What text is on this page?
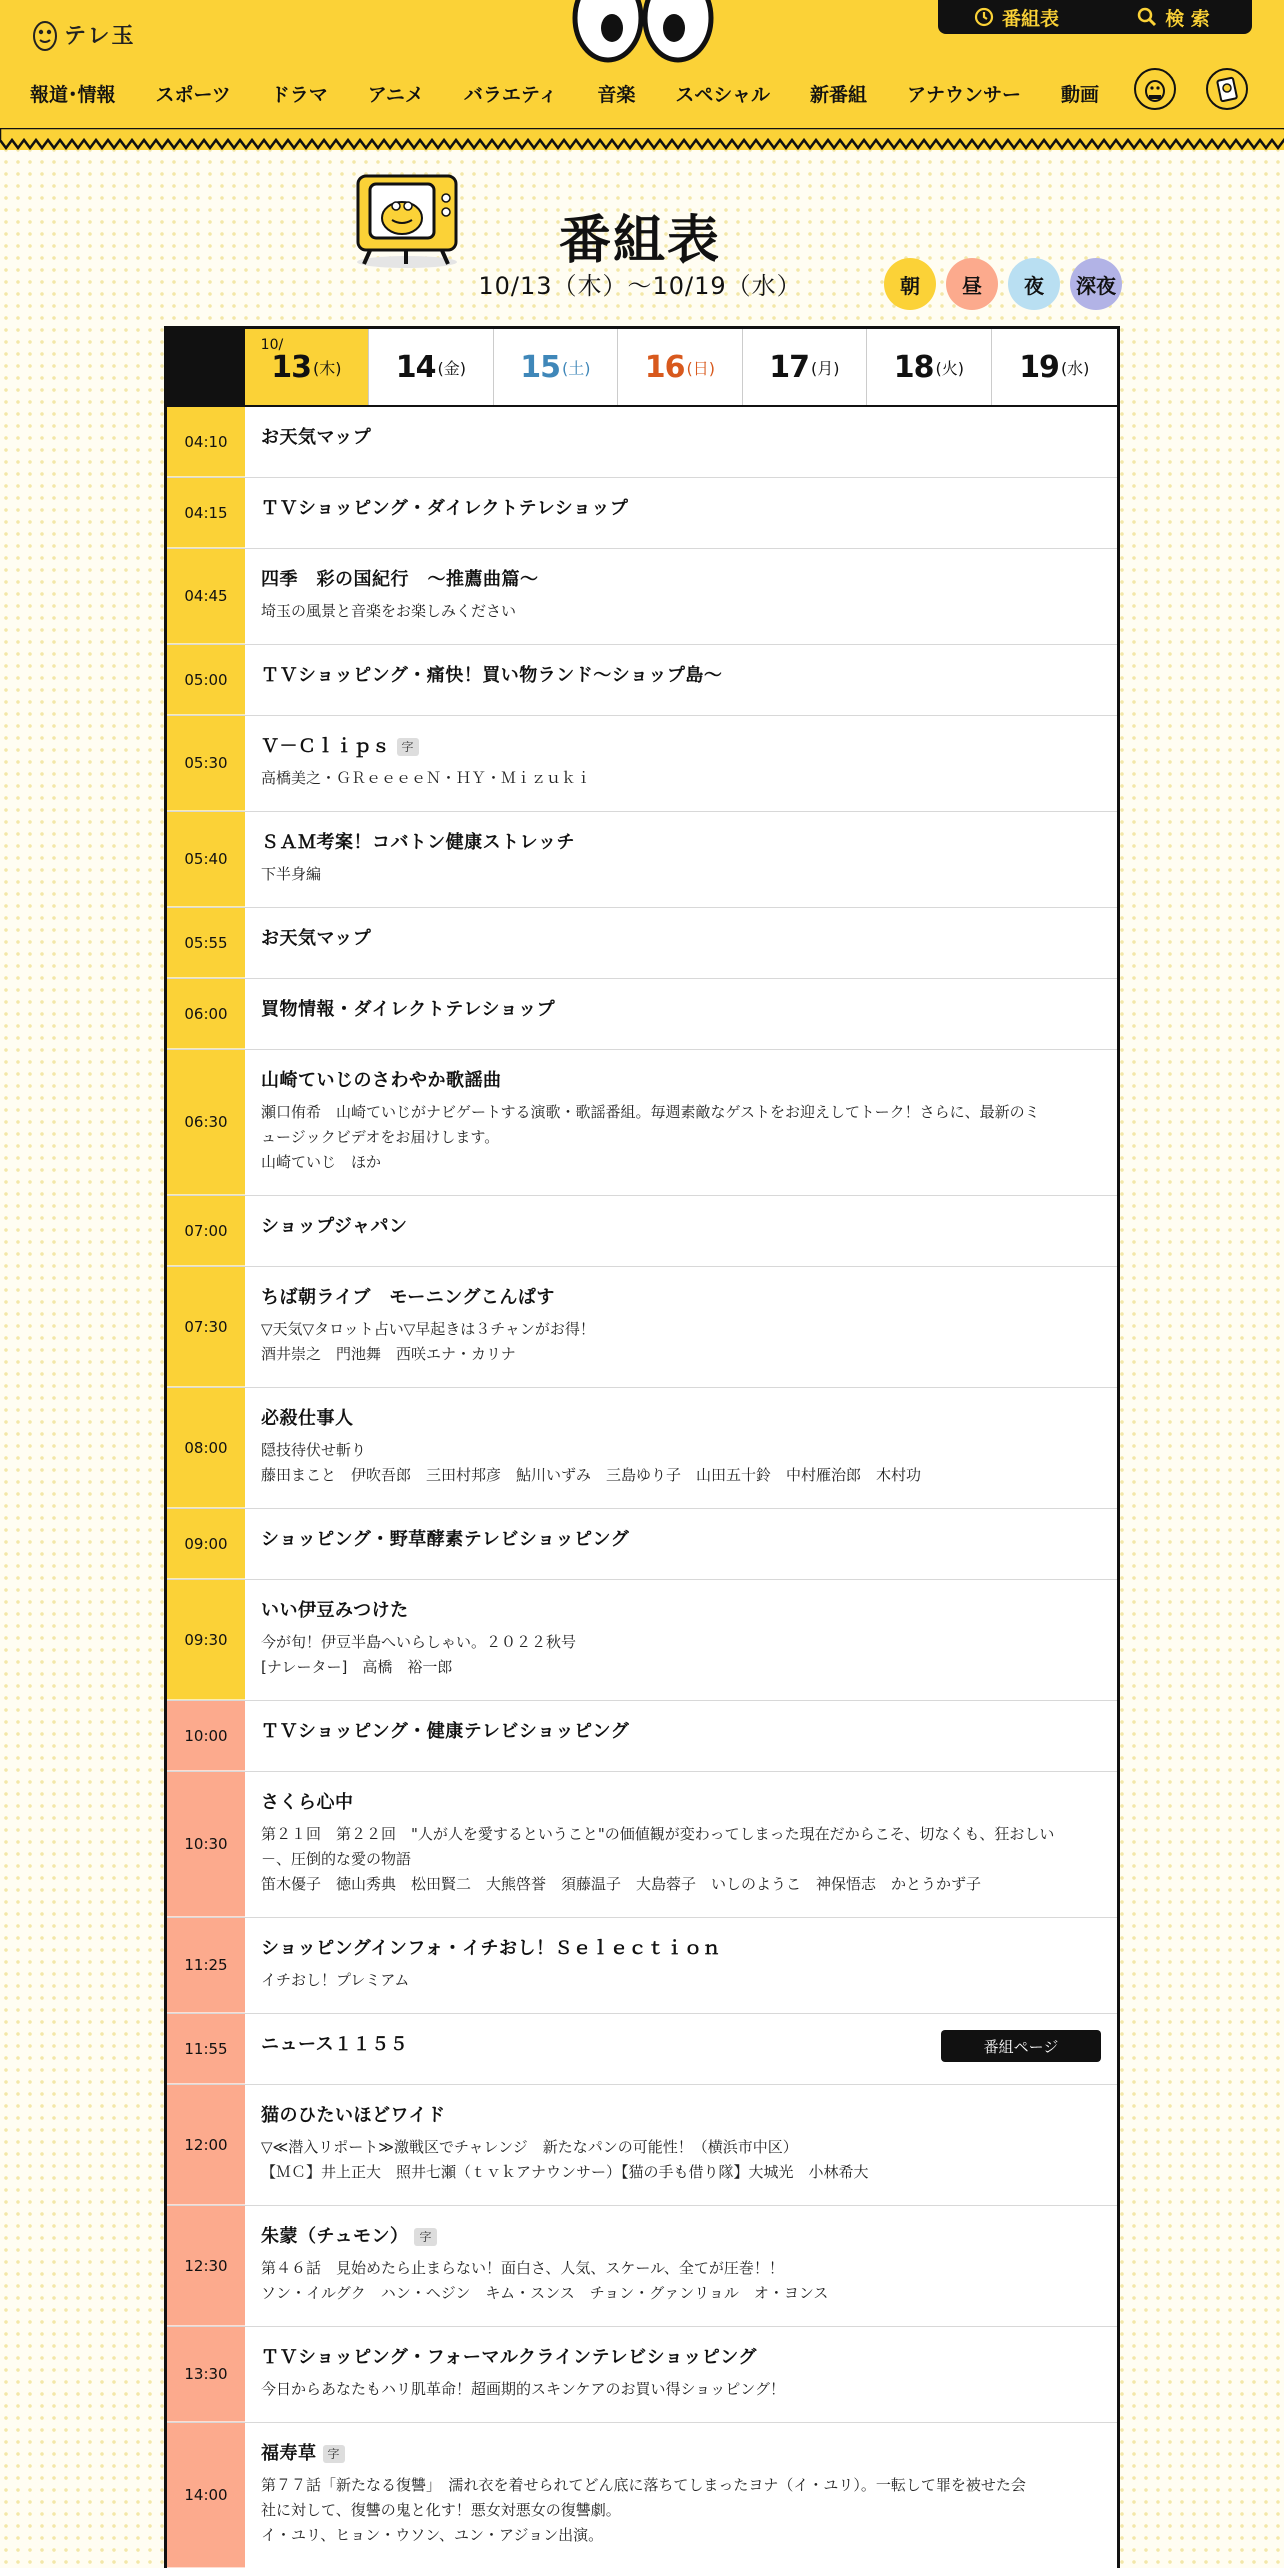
テレ玉
番組表	検 索
報道･情報 スポーツ ドラマ アニメ バラエティ 音楽 スペシャル 新番組 アナウンサー 動画
番組表
10/13（木）〜10/19（水）	朝	昼	夜	深夜
10/
13 (木) 14 (金) 15 (土) 16 (日) 17 (月) 18 (火) 19 (水)
04:10	お天気マップ
04:15	ＴＶショッピング・ダイレクトテレショップ
04:45
四季　彩の国紀行　～推薦曲篇～
埼玉の風景と音楽をお楽しみください
05:00	ＴＶショッピング・痛快！買い物ランド～ショップ島～
05:30
Ｖ－Ｃｌｉｐｓ 字
高橋美之・ＧＲｅｅｅｅＮ・ＨＹ・Ｍｉｚｕｋｉ
05:40
ＳＡＭ考案！コバトン健康ストレッチ
下半身編
05:55	お天気マップ
06:00	買物情報・ダイレクトテレショップ
06:30
山崎ていじのさわやか歌謡曲
瀬口侑希　山崎ていじがナビゲートする演歌・歌謡番組。毎週素敵なゲストをお迎えしてトーク！さらに、最新のミ
ュージックビデオをお届けします。
山崎ていじ　ほか
07:00	ショップジャパン
07:30
ちば朝ライブ　モーニングこんぱす
▽天気▽タロット占い▽早起きは３チャンがお得！
酒井崇之　門池舞　西咲エナ・カリナ
08:00
必殺仕事人
隠技待伏せ斬り
藤田まこと　伊吹吾郎　三田村邦彦　鮎川いずみ　三島ゆり子　山田五十鈴　中村雁治郎　木村功
09:00	ショッピング・野草酵素テレビショッピング
09:30
いい伊豆みつけた
今が旬！伊豆半島へいらしゃい。２０２２秋号
[ナレーター]　高橋　裕一郎
10:00	ＴＶショッピング・健康テレビショッピング
10:30
さくら心中
第２１回　第２２回　"人が人を愛するということ"の価値観が変わってしまった現在だからこそ、切なくも、狂おしい
－、圧倒的な愛の物語
笛木優子　徳山秀典　松田賢二　大熊啓誉　須藤温子　大島蓉子　いしのようこ　神保悟志　かとうかず子
11:25
ショッピングインフォ・イチおし！Ｓｅｌｅｃｔｉｏｎ
イチおし！プレミアム
11:55	ニュース１１５５	番組ページ
12:00
猫のひたいほどワイド
▽≪潜入リポート≫激戦区でチャレンジ　新たなパンの可能性！（横浜市中区）
【ＭＣ】井上正大　照井七瀬（ｔｖｋアナウンサー）【猫の手も借り隊】大城光　小林希大
12:30
朱蒙（チュモン） 字
第４６話　見始めたら止まらない！面白さ、人気、スケール、全てが圧巻！！
ソン・イルグク　ハン・ヘジン　キム・スンス　チョン・グァンリョル　オ・ヨンス
13:30
ＴＶショッピング・フォーマルクラインテレビショッピング
今日からあなたもハリ肌革命！超画期的スキンケアのお買い得ショッピング！
14:00
福寿草 字
第７７話「新たなる復讐」　濡れ衣を着せられてどん底に落ちてしまったヨナ（イ・ユリ）。一転して罪を被せた会
社に対して、復讐の鬼と化す！悪女対悪女の復讐劇。
イ・ユリ、ヒョン・ウソン、ユン・アジョン出演。
